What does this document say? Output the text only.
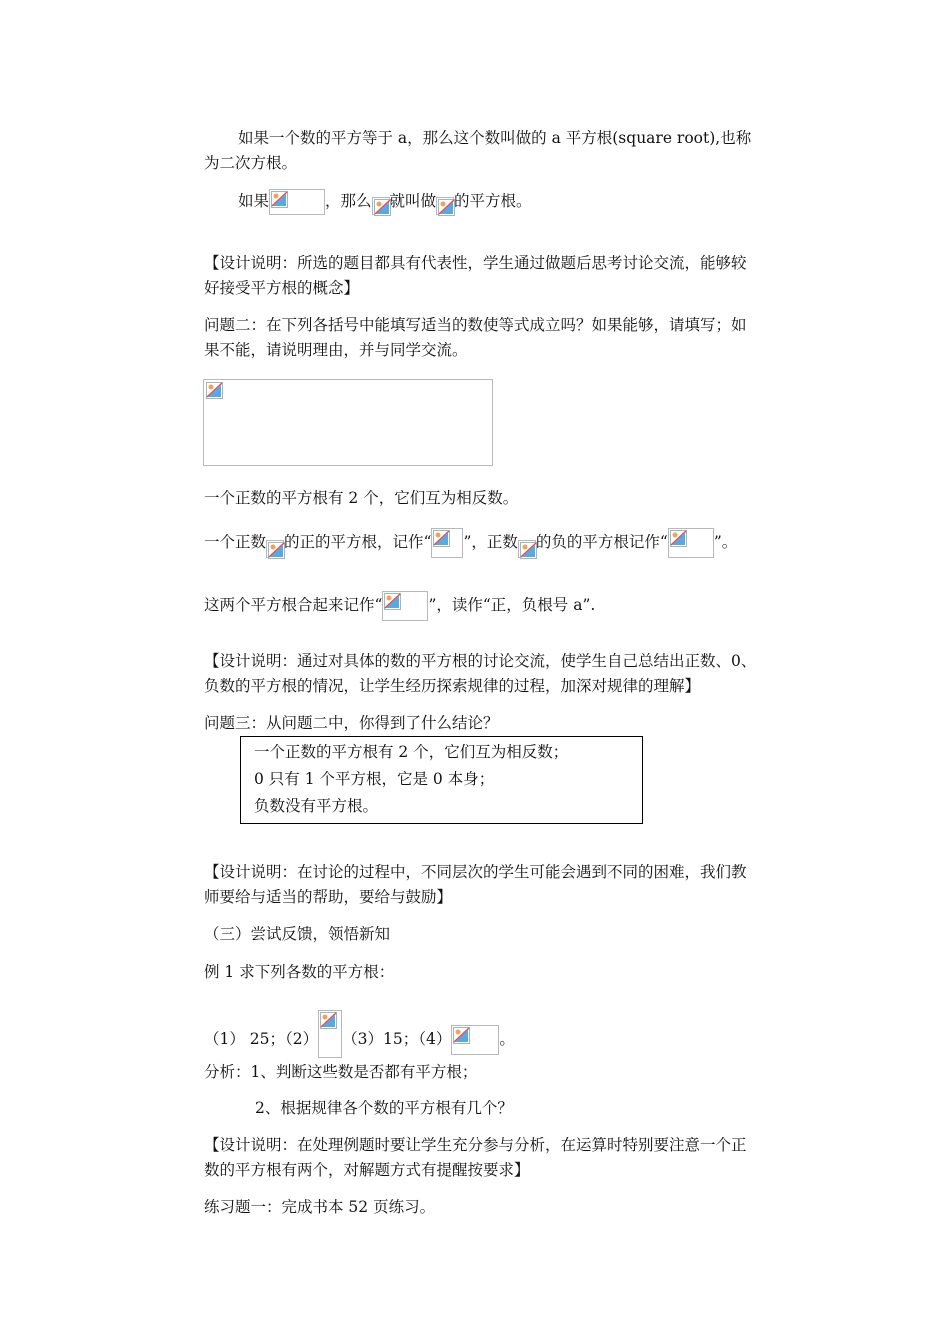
如果一个数的平方等于 a，那么这个数叫做的 a 平方根(square root),也称
为二次方根。
如果	，那么 就叫做 的平方根。
【设计说明：所选的题目都具有代表性，学生通过做题后思考讨论交流，能够较
好接受平方根的概念】
问题二：在下列各括号中能填写适当的数使等式成立吗？如果能够，请填写；如
果不能，请说明理由，并与同学交流。
一个正数的平方根有 2 个，它们互为相反数。
一个正数 的正的平方根，记作“ ”，正数 的负的平方根记作“	”。
这两个平方根合起来记作“	”，读作“正，负根号 a”.
【设计说明：通过对具体的数的平方根的讨论交流，使学生自己总结出正数、0、
负数的平方根的情况，让学生经历探索规律的过程，加深对规律的理解】
问题三：从问题二中，你得到了什么结论？
一个正数的平方根有 2 个，它们互为相反数；
0 只有 1 个平方根，它是 0 本身；
负数没有平方根。
【设计说明：在讨论的过程中，不同层次的学生可能会遇到不同的困难，我们教
师要给与适当的帮助，要给与鼓励】
（三）尝试反馈，领悟新知
例 1 求下列各数的平方根：
（1） 25；（2） （3）15；（4）	。
分析：1、判断这些数是否都有平方根；
2、根据规律各个数的平方根有几个？
【设计说明：在处理例题时要让学生充分参与分析，在运算时特别要注意一个正
数的平方根有两个，对解题方式有提醒按要求】
练习题一：完成书本 52 页练习。
